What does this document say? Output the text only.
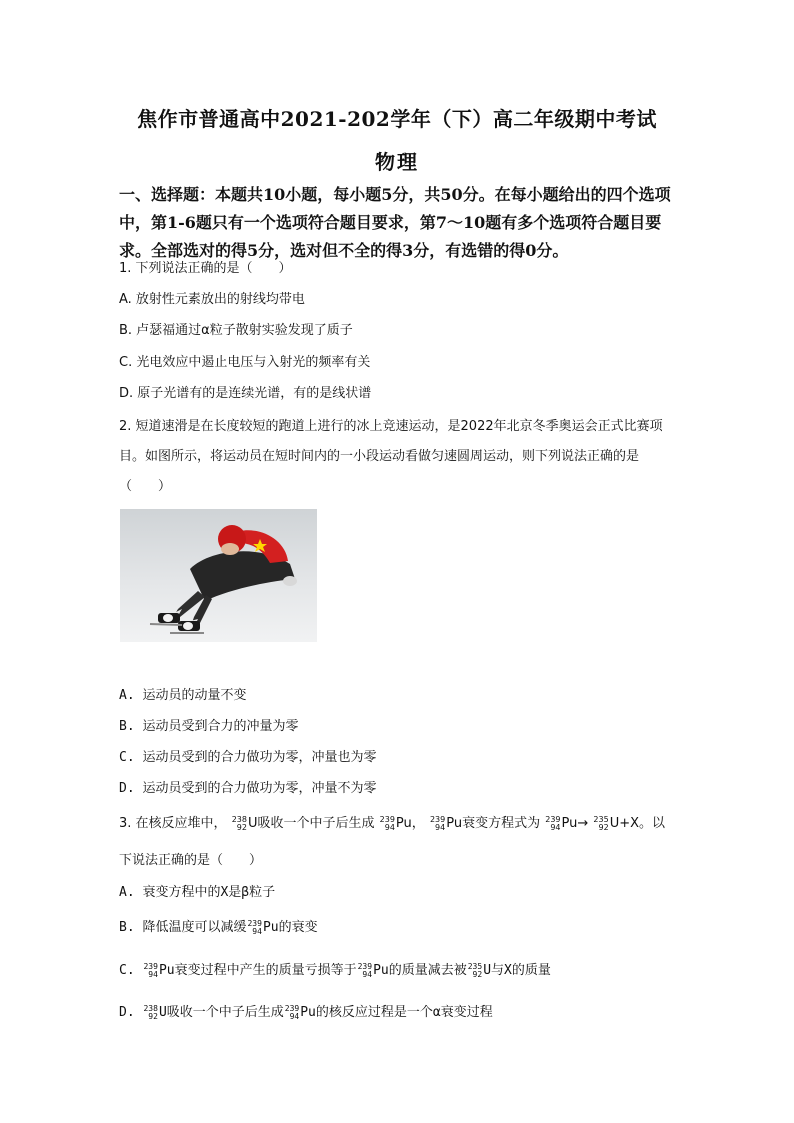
焦作市普通高中2021-202学年（下）高二年级期中考试
物理
一、选择题：本题共10小题，每小题5分，共50分。在每小题给出的四个选项中，第1-6题只有一个选项符合题目要求，第7～10题有多个选项符合题目要求。全部选对的得5分，选对但不全的得3分，有选错的得0分。
1. 下列说法正确的是（　　）
A. 放射性元素放出的射线均带电
B. 卢瑟福通过α粒子散射实验发现了质子
C. 光电效应中遏止电压与入射光的频率有关
D. 原子光谱有的是连续光谱，有的是线状谱
2. 短道速滑是在长度较短的跑道上进行的冰上竞速运动，是2022年北京冬季奥运会正式比赛项目。如图所示，将运动员在短时间内的一小段运动看做匀速圆周运动，则下列说法正确的是（　　）
A. 运动员的动量不变
B. 运动员受到合力的冲量为零
C. 运动员受到的合力做功为零，冲量也为零
D. 运动员受到的合力做功为零，冲量不为零
3. 在核反应堆中， 238
92 U吸收一个中子后生成 239
94 Pu， 239
94 Pu衰变方程式为 239
94 Pu→ 235
92 U+X。以
下说法正确的是（　　）
A. 衰变方程中的X是β粒子
B. 降低温度可以减缓 239
94 Pu的衰变
C. 239
94 Pu衰变过程中产生的质量亏损等于 239
94 Pu的质量减去被 235
92 U与X的质量
D. 238
92 U吸收一个中子后生成 239
94 Pu的核反应过程是一个α衰变过程
